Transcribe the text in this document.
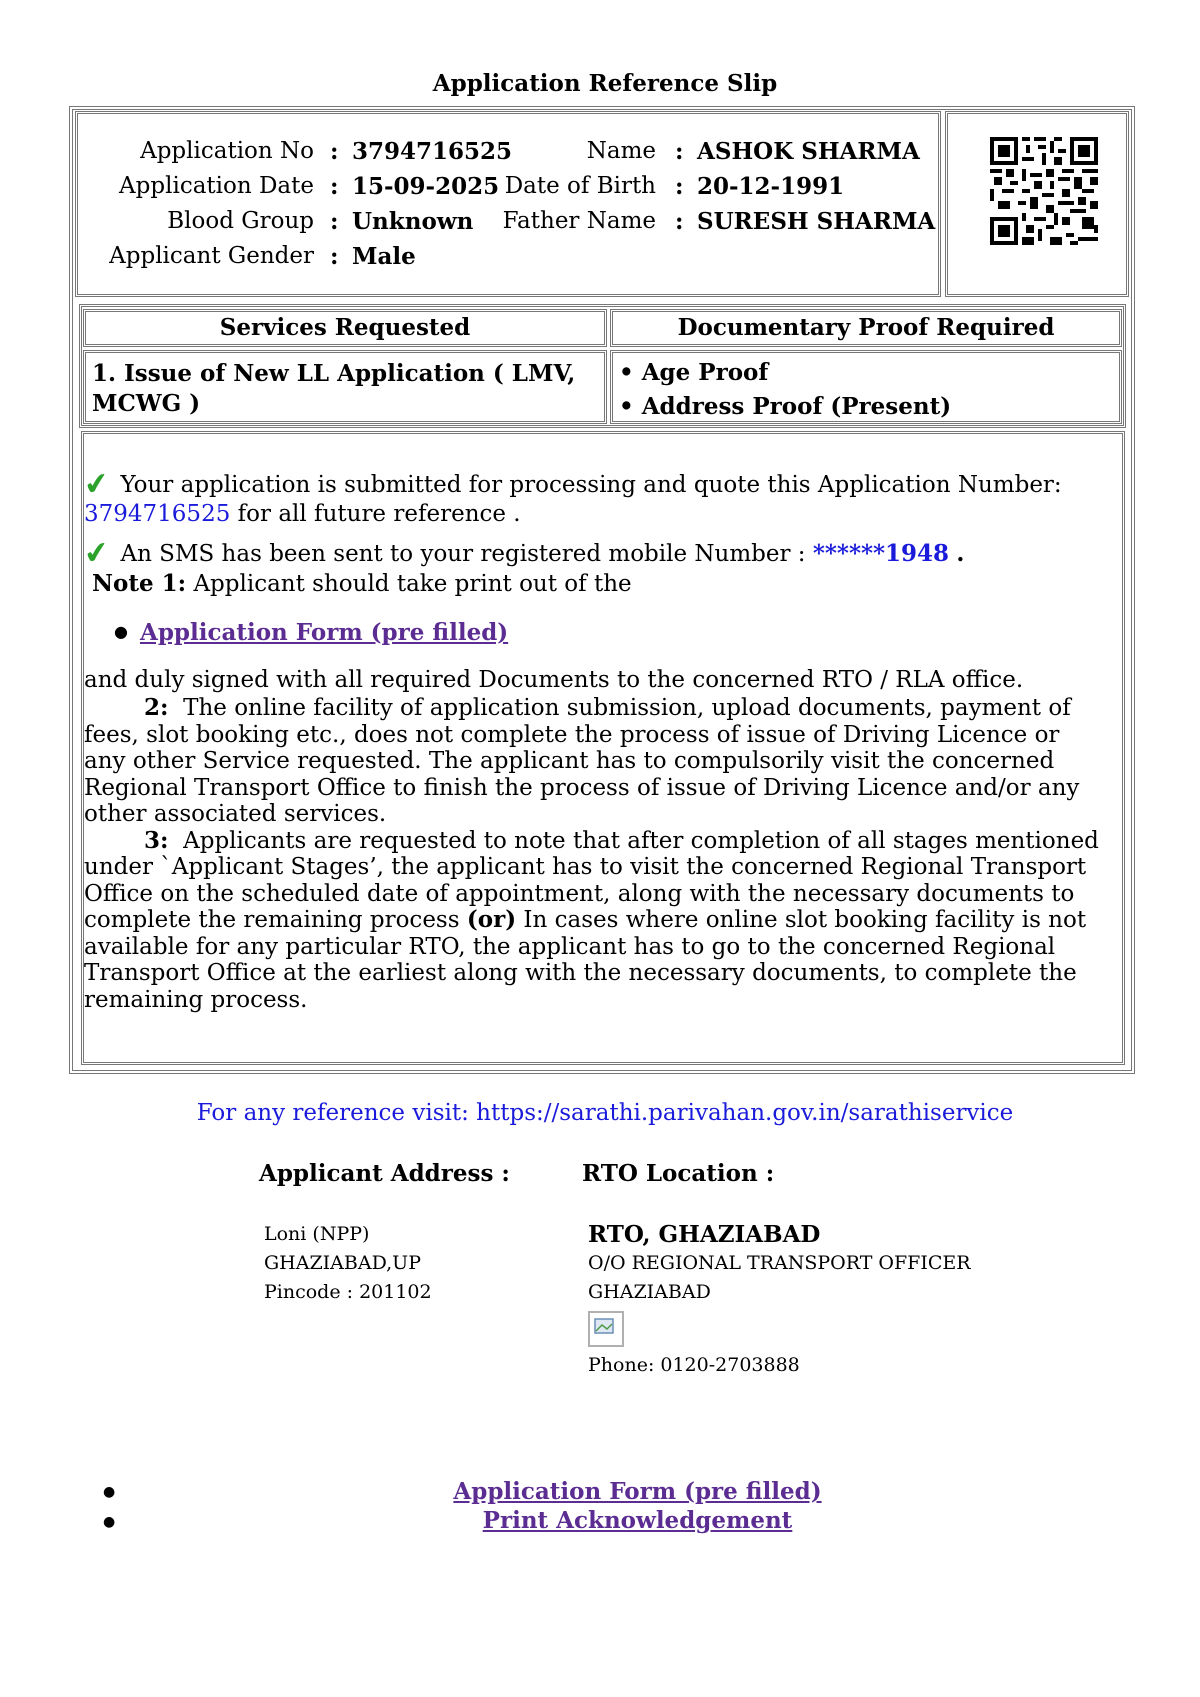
Application Reference Slip
Application No : 3794716525
Application Date : 15-09-2025
Blood Group : Unknown
Applicant Gender : Male
Name : ASHOK SHARMA
Date of Birth : 20-12-1991
Father Name : SURESH SHARMA
Services Requested	Documentary Proof Required
1. Issue of New LL Application ( LMV, MCWG )
• Age Proof
• Address Proof (Present)
✔ Your application is submitted for processing and quote this Application Number:
3794716525 for all future reference .
✔ An SMS has been sent to your registered mobile Number : ******1948 .
Note 1: Applicant should take print out of the
● Application Form (pre filled)
and duly signed with all required Documents to the concerned RTO / RLA office.
2: The online facility of application submission, upload documents, payment of fees, slot booking etc., does not complete the process of issue of Driving Licence or any other Service requested. The applicant has to compulsorily visit the concerned Regional Transport Office to finish the process of issue of Driving Licence and/or any other associated services.
3: Applicants are requested to note that after completion of all stages mentioned under `Applicant Stages’, the applicant has to visit the concerned Regional Transport Office on the scheduled date of appointment, along with the necessary documents to complete the remaining process (or) In cases where online slot booking facility is not available for any particular RTO, the applicant has to go to the concerned Regional Transport Office at the earliest along with the necessary documents, to complete the remaining process.
For any reference visit: https://sarathi.parivahan.gov.in/sarathiservice
Applicant Address :	RTO Location :
Loni (NPP)
GHAZIABAD,UP
Pincode : 201102
RTO, GHAZIABAD
O/O REGIONAL TRANSPORT OFFICER
GHAZIABAD
Phone: 0120-2703888
●
●
Application Form (pre filled)
Print Acknowledgement
